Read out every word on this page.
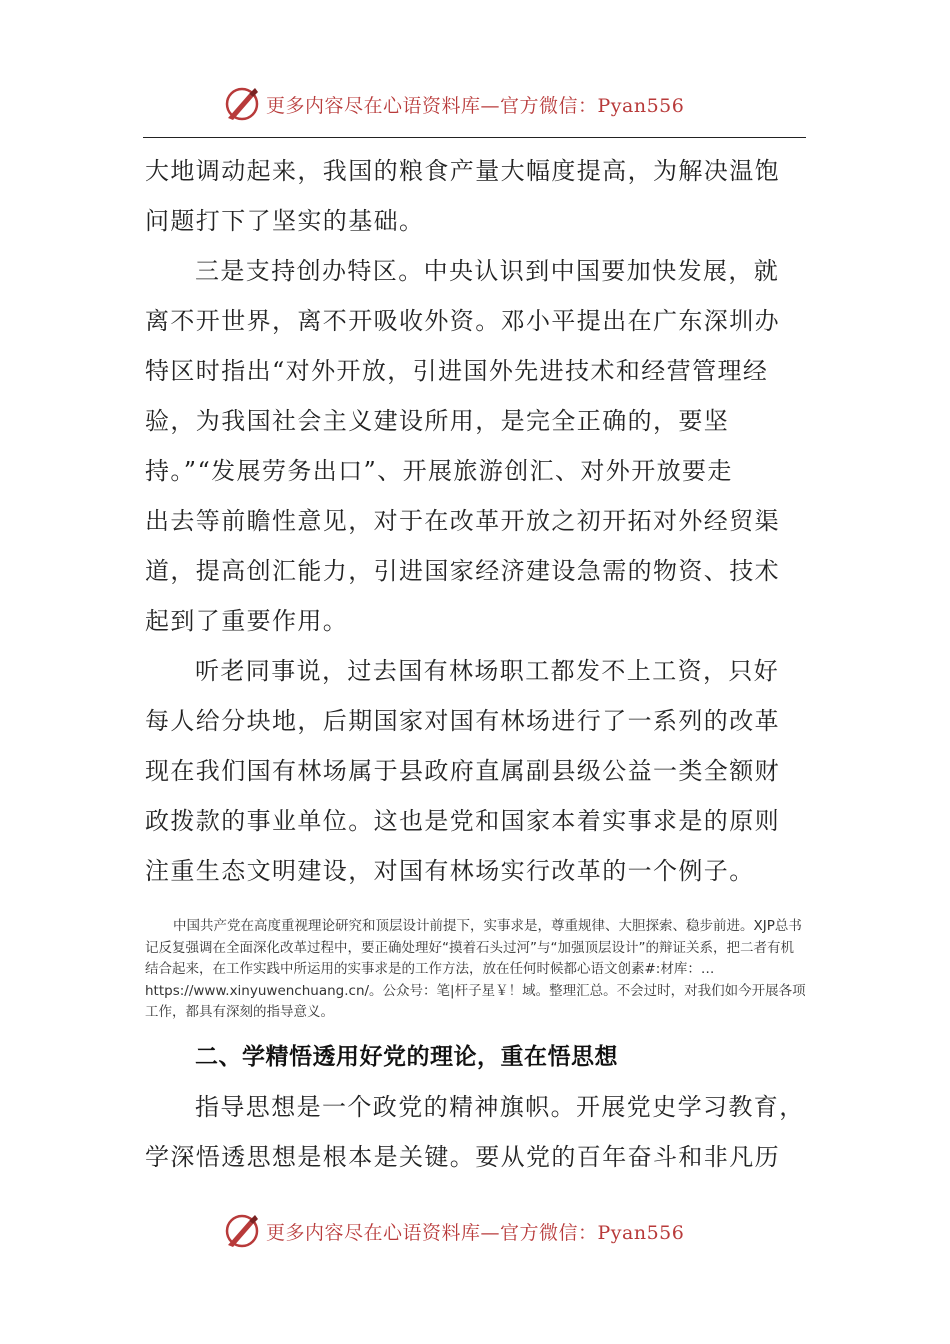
更多内容尽在心语资料库—官方微信：Pyan556

大地调动起来，我国的粮食产量大幅度提高，为解决温饱

问题打下了坚实的基础。

三是支持创办特区。中央认识到中国要加快发展，就

离不开世界，离不开吸收外资。邓小平提出在广东深圳办

特区时指出“对外开放，引进国外先进技术和经营管理经

验，为我国社会主义建设所用，是完全正确的，要坚

持。”“发展劳务出口”、开展旅游创汇、对外开放要走

出去等前瞻性意见，对于在改革开放之初开拓对外经贸渠

道，提高创汇能力，引进国家经济建设急需的物资、技术

起到了重要作用。

听老同事说，过去国有林场职工都发不上工资，只好

每人给分块地，后期国家对国有林场进行了一系列的改革

现在我们国有林场属于县政府直属副县级公益一类全额财

政拨款的事业单位。这也是党和国家本着实事求是的原则

注重生态文明建设，对国有林场实行改革的一个例子。

中国共产党在高度重视理论研究和顶层设计前提下，实事求是，尊重规律、大胆探索、稳步前进。XJP总书记反复强调在全面深化改革过程中，要正确处理好“摸着石头过河”与“加强顶层设计”的辩证关系，把二者有机结合起来，在工作实践中所运用的实事求是的工作方法，放在任何时候都心语文创素#:材库：… https://www.xinyuwenchuang.cn/。公众号：笔|杆子星￥！域。整理汇总。不会过时，对我们如今开展各项工作，都具有深刻的指导意义。

二、学精悟透用好党的理论，重在悟思想

指导思想是一个政党的精神旗帜。开展党史学习教育，

学深悟透思想是根本是关键。要从党的百年奋斗和非凡历

更多内容尽在心语资料库—官方微信：Pyan556
